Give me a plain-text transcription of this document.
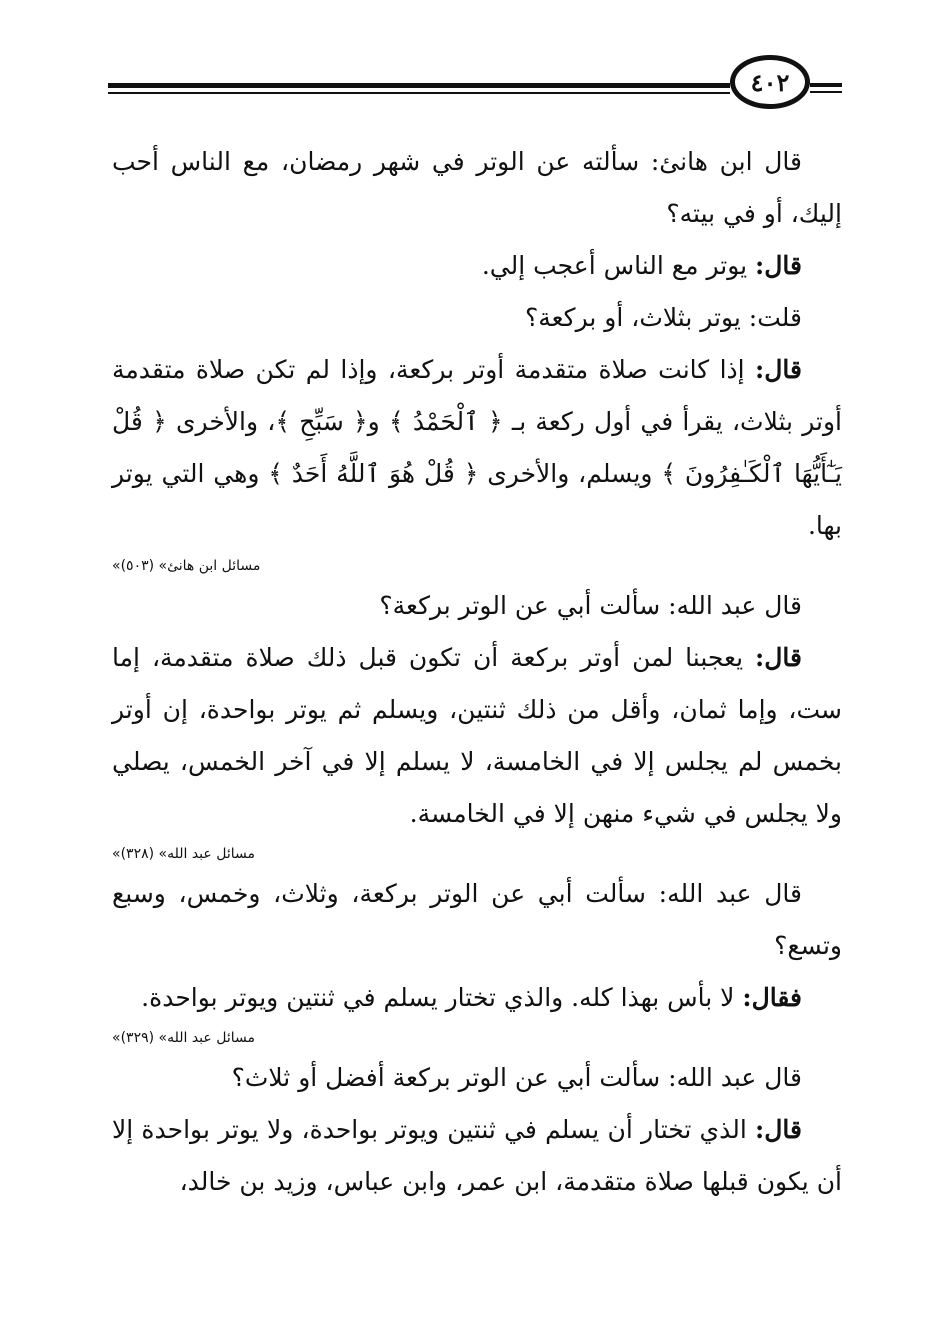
٤٠٢

قال ابن هانئ: سألته عن الوتر في شهر رمضان، مع الناس أحب إليك، أو في بيته؟

قال: يوتر مع الناس أعجب إلي.

قلت: يوتر بثلاث، أو بركعة؟

قال: إذا كانت صلاة متقدمة أوتر بركعة، وإذا لم تكن صلاة متقدمة أوتر بثلاث، يقرأ في أول ركعة بـ ﴿ ٱلْحَمْدُ ﴾ و﴿ سَبِّحِ ﴾، والأخرى ﴿ قُلْ يَـٰٓأَيُّهَا ٱلْكَـٰفِرُونَ ﴾ ويسلم، والأخرى ﴿ قُلْ هُوَ ٱللَّهُ أَحَدٌ ﴾ وهي التي يوتر بها.

«مسائل ابن هانئ» (٥٠٣)

قال عبد الله: سألت أبي عن الوتر بركعة؟

قال: يعجبنا لمن أوتر بركعة أن تكون قبل ذلك صلاة متقدمة، إما ست، وإما ثمان، وأقل من ذلك ثنتين، ويسلم ثم يوتر بواحدة، إن أوتر بخمس لم يجلس إلا في الخامسة، لا يسلم إلا في آخر الخمس، يصلي ولا يجلس في شيء منهن إلا في الخامسة.

«مسائل عبد الله» (٣٢٨)

قال عبد الله: سألت أبي عن الوتر بركعة، وثلاث، وخمس، وسبع وتسع؟

فقال: لا بأس بهذا كله. والذي تختار يسلم في ثنتين ويوتر بواحدة.

«مسائل عبد الله» (٣٢٩)

قال عبد الله: سألت أبي عن الوتر بركعة أفضل أو ثلاث؟

قال: الذي تختار أن يسلم في ثنتين ويوتر بواحدة، ولا يوتر بواحدة إلا أن يكون قبلها صلاة متقدمة، ابن عمر، وابن عباس، وزيد بن خالد،
